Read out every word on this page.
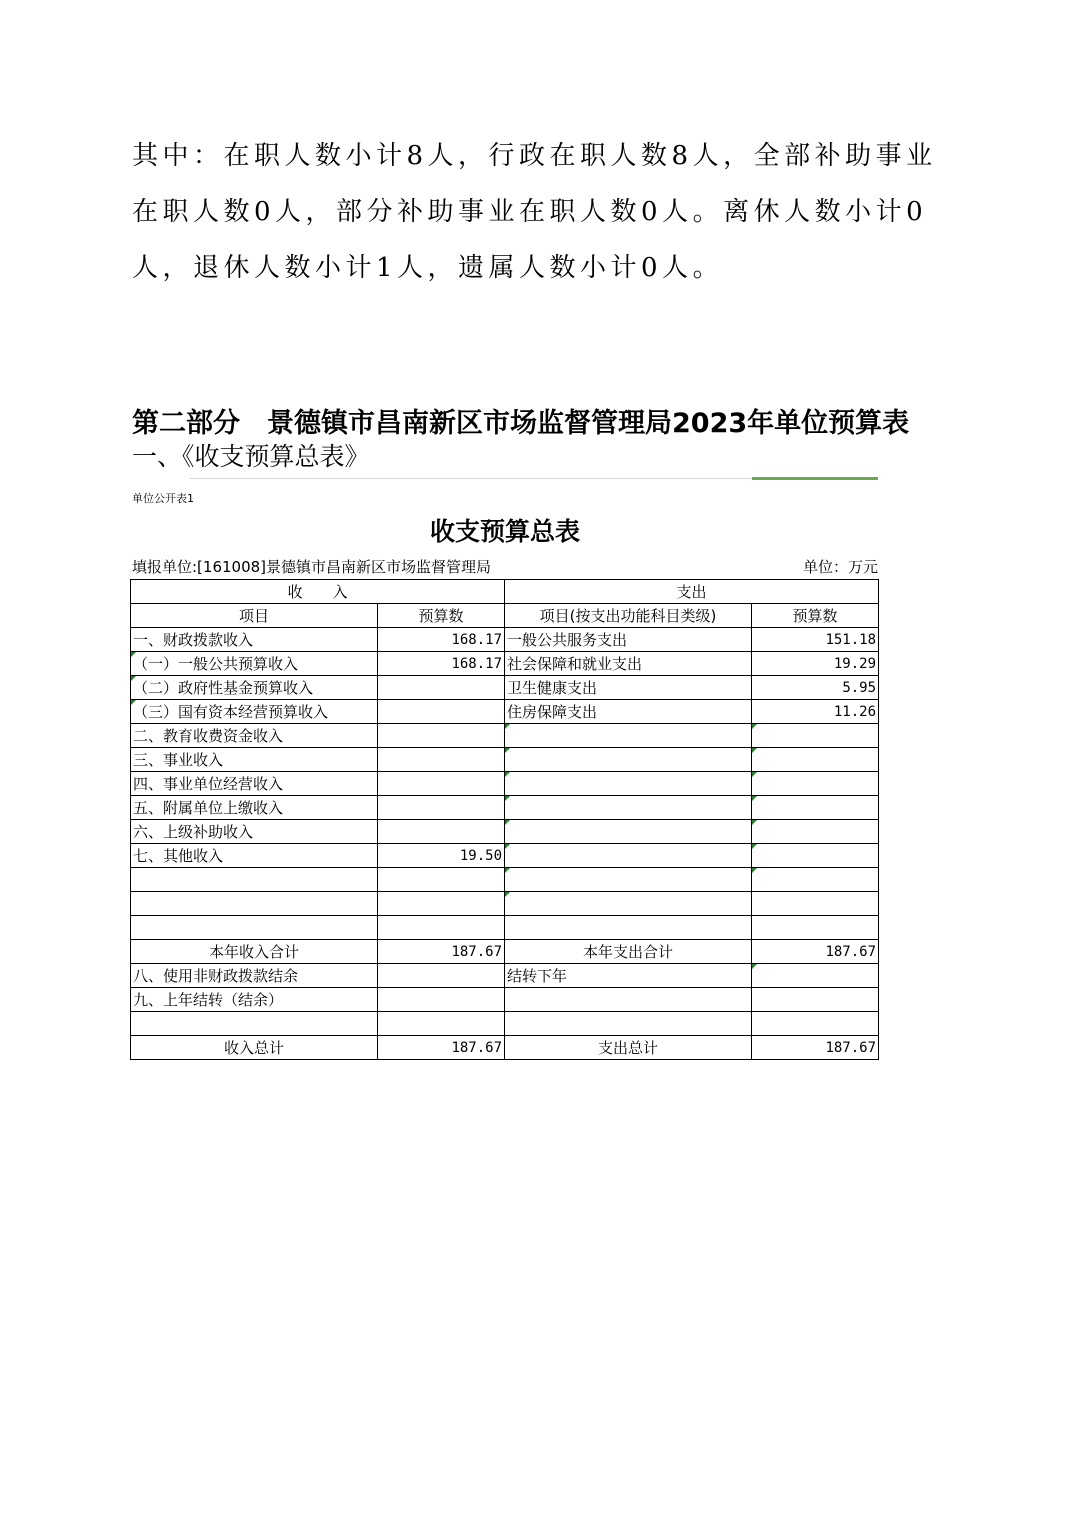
其中：在职人数小计8人，行政在职人数8人，全部补助事业在职人数0人，部分补助事业在职人数0人。离休人数小计0人，退休人数小计1人，遗属人数小计0人。

第二部分　景德镇市昌南新区市场监督管理局2023年单位预算表

一、《收支预算总表》

单位公开表1
收支预算总表
填报单位:[161008]景德镇市昌南新区市场监督管理局	单位：万元
收　　入		支出	
项目	预算数	项目(按支出功能科目类级)	预算数
一、财政拨款收入	168.17	一般公共服务支出	151.18
（一）一般公共预算收入	168.17	社会保障和就业支出	19.29
（二）政府性基金预算收入		卫生健康支出	5.95
（三）国有资本经营预算收入		住房保障支出	11.26
二、教育收费资金收入			
三、事业收入			
四、事业单位经营收入			
五、附属单位上缴收入			
六、上级补助收入			
七、其他收入	19.50		

本年收入合计	187.67	本年支出合计	187.67
八、使用非财政拨款结余		结转下年	
九、上年结转（结余）			

收入总计	187.67	支出总计	187.67
